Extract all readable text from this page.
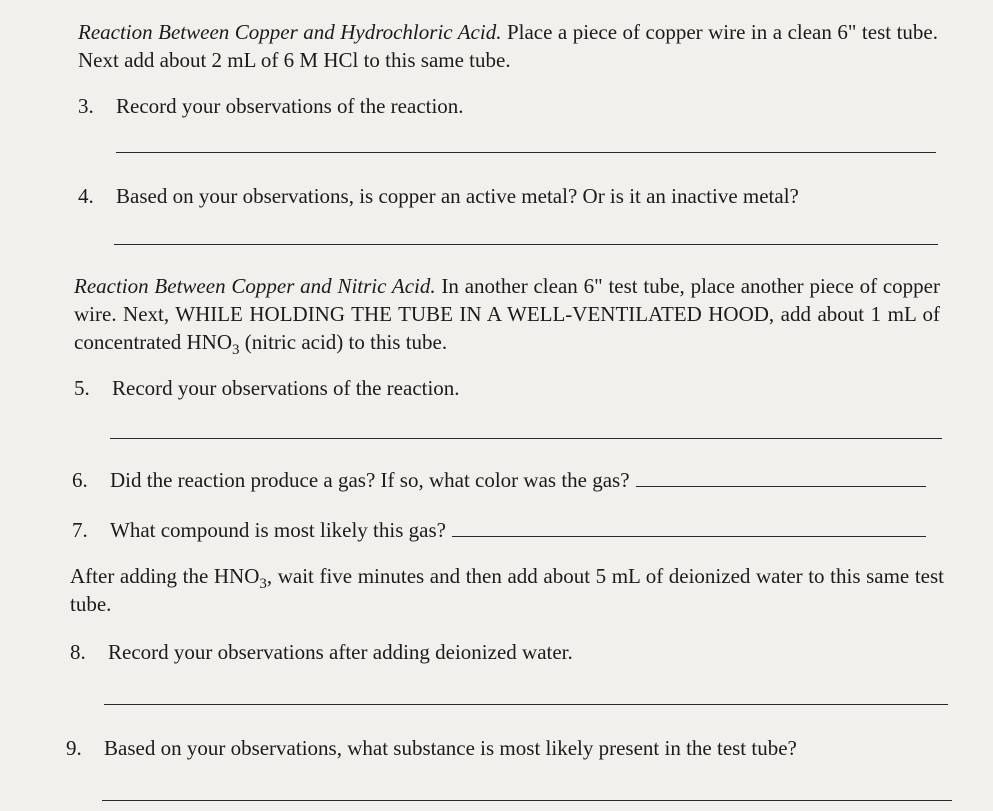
Reaction Between Copper and Hydrochloric Acid. Place a piece of copper wire in a clean 6" test tube. Next add about 2 mL of 6 M HCl to this same tube.

3. Record your observations of the reaction.

4. Based on your observations, is copper an active metal? Or is it an inactive metal?

Reaction Between Copper and Nitric Acid. In another clean 6" test tube, place another piece of copper wire. Next, WHILE HOLDING THE TUBE IN A WELL-VENTILATED HOOD, add about 1 mL of concentrated $HNO_3$ (nitric acid) to this tube.

5. Record your observations of the reaction.

6. Did the reaction produce a gas? If so, what color was the gas?

7. What compound is most likely this gas?

After adding the $HNO_3$, wait five minutes and then add about 5 mL of deionized water to this same test tube.

8. Record your observations after adding deionized water.

9. Based on your observations, what substance is most likely present in the test tube?
